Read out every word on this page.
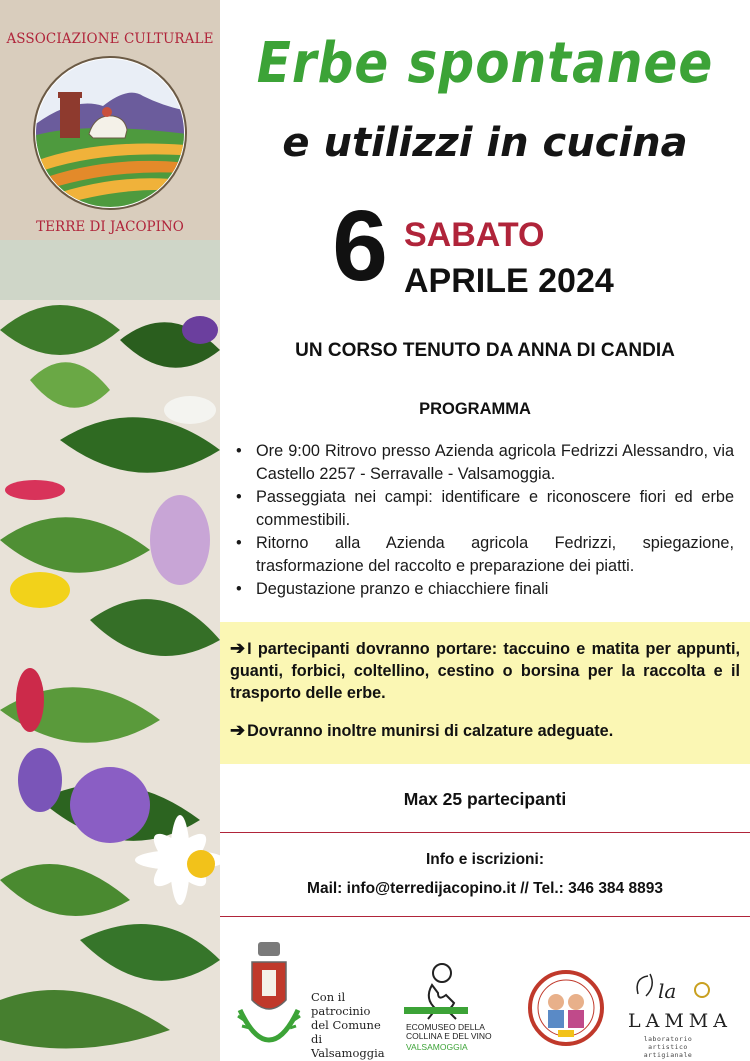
ASSOCIAZIONE CULTURALE
TERRE DI JACOPINO
Erbe spontanee
e utilizzi in cucina
6 SABATO
APRILE 2024
UN CORSO TENUTO DA ANNA DI CANDIA
PROGRAMMA
• Ore 9:00 Ritrovo presso Azienda agricola Fedrizzi Alessandro, via Castello 2257 - Serravalle - Valsamoggia.
• Passeggiata nei campi: identificare e riconoscere fiori ed erbe commestibili.
• Ritorno alla Azienda agricola Fedrizzi, spiegazione, trasformazione del raccolto e preparazione dei piatti.
• Degustazione pranzo e chiacchiere finali
➔ I partecipanti dovranno portare: taccuino e matita per appunti, guanti, forbici, coltellino, cestino o borsina per la raccolta e il trasporto delle erbe.
➔ Dovranno inoltre munirsi di calzature adeguate.
Max 25 partecipanti
Info e iscrizioni:
Mail: info@terredijacopino.it // Tel.: 346 384 8893
Con il
patrocinio
del Comune
di Valsamoggia
ECOMUSEO DELLA COLLINA E DEL VINO
VALSAMOGGIA
la
LAMMA
laboratorio artistico artigianale
